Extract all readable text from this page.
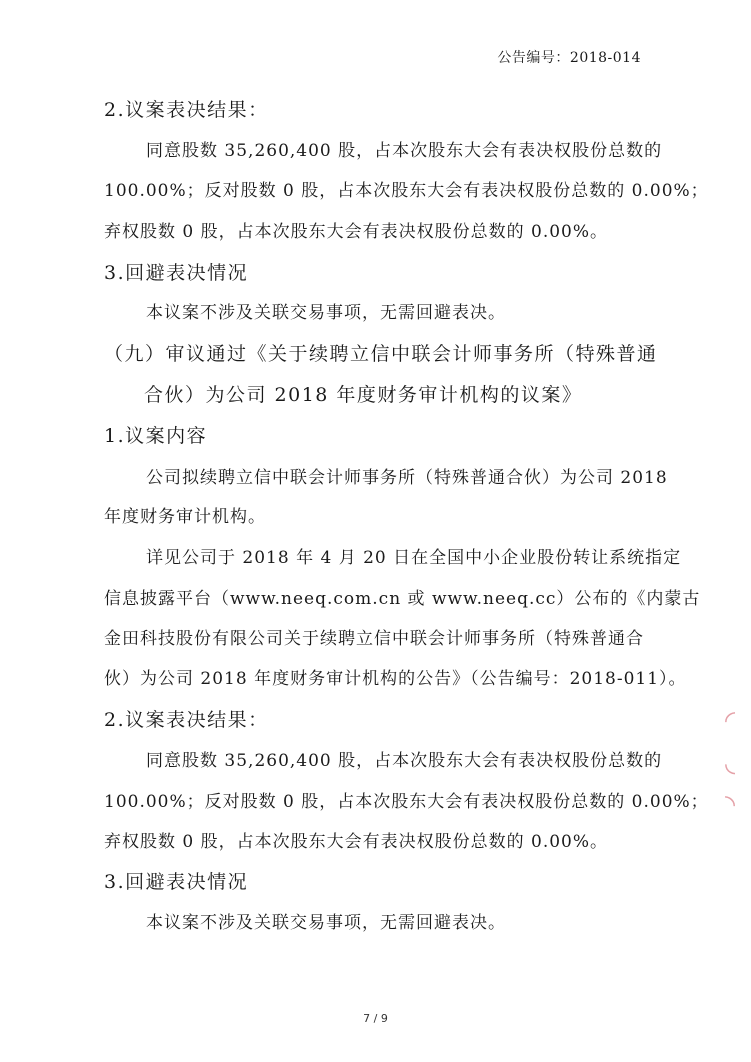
公告编号：2018-014
2.议案表决结果：
同意股数 35,260,400 股，占本次股东大会有表决权股份总数的
100.00%；反对股数 0 股，占本次股东大会有表决权股份总数的 0.00%；
弃权股数 0 股，占本次股东大会有表决权股份总数的 0.00%。
3.回避表决情况
本议案不涉及关联交易事项，无需回避表决。
（九）审议通过《关于续聘立信中联会计师事务所（特殊普通
合伙）为公司 2018 年度财务审计机构的议案》
1.议案内容
公司拟续聘立信中联会计师事务所（特殊普通合伙）为公司 2018
年度财务审计机构。
详见公司于 2018 年 4 月 20 日在全国中小企业股份转让系统指定
信息披露平台（www.neeq.com.cn 或 www.neeq.cc）公布的《内蒙古
金田科技股份有限公司关于续聘立信中联会计师事务所（特殊普通合
伙）为公司 2018 年度财务审计机构的公告》（公告编号：2018-011）。
2.议案表决结果：
同意股数 35,260,400 股，占本次股东大会有表决权股份总数的
100.00%；反对股数 0 股，占本次股东大会有表决权股份总数的 0.00%；
弃权股数 0 股，占本次股东大会有表决权股份总数的 0.00%。
3.回避表决情况
本议案不涉及关联交易事项，无需回避表决。
◜
◟
◝
7 / 9
